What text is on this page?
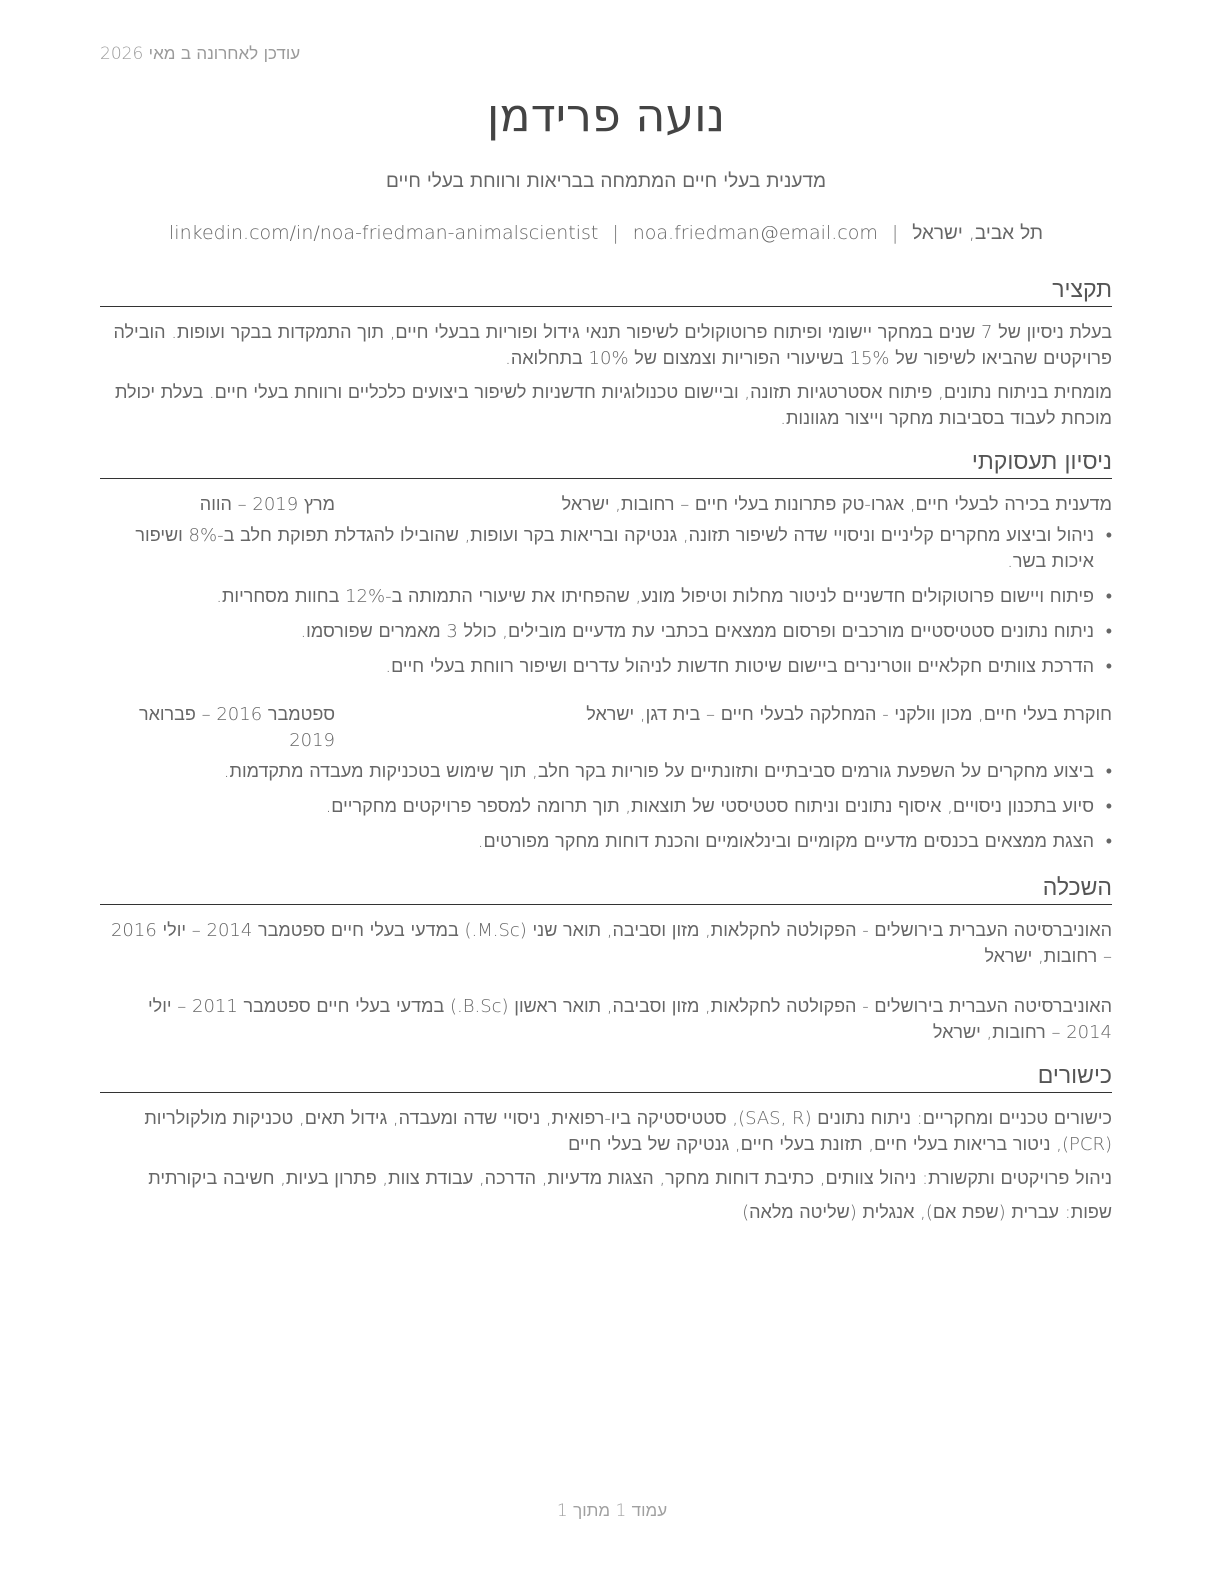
עודכן לאחרונה ב מאי 2026
נועה פרידמן
מדענית בעלי חיים המתמחה בבריאות ורווחת בעלי חיים
תל אביב, ישראל|noa.friedman@email.com|linkedin.com/in/noa-friedman-animalscientist
תקציר
בעלת ניסיון של 7 שנים במחקר יישומי ופיתוח פרוטוקולים לשיפור תנאי גידול ופוריות בבעלי חיים, תוך התמקדות בבקר ועופות. הובילה פרויקטים שהביאו לשיפור של 15% בשיעורי הפוריות וצמצום של 10% בתחלואה.
מומחית בניתוח נתונים, פיתוח אסטרטגיות תזונה, וביישום טכנולוגיות חדשניות לשיפור ביצועים כלכליים ורווחת בעלי חיים. בעלת יכולת מוכחת לעבוד בסביבות מחקר וייצור מגוונות.
ניסיון תעסוקתי
מדענית בכירה לבעלי חיים, אגרו-טק פתרונות בעלי חיים – רחובות, ישראל
מרץ 2019 – הווה
• ניהול וביצוע מחקרים קליניים וניסויי שדה לשיפור תזונה, גנטיקה ובריאות בקר ועופות, שהובילו להגדלת תפוקת חלב ב-8% ושיפור איכות בשר.
• פיתוח ויישום פרוטוקולים חדשניים לניטור מחלות וטיפול מונע, שהפחיתו את שיעורי התמותה ב-12% בחוות מסחריות.
• ניתוח נתונים סטטיסטיים מורכבים ופרסום ממצאים בכתבי עת מדעיים מובילים, כולל 3 מאמרים שפורסמו.
• הדרכת צוותים חקלאיים ווטרינרים ביישום שיטות חדשות לניהול עדרים ושיפור רווחת בעלי חיים.
חוקרת בעלי חיים, מכון וולקני - המחלקה לבעלי חיים – בית דגן, ישראל
ספטמבר 2016 – פברואר 2019
• ביצוע מחקרים על השפעת גורמים סביבתיים ותזונתיים על פוריות בקר חלב, תוך שימוש בטכניקות מעבדה מתקדמות.
• סיוע בתכנון ניסויים, איסוף נתונים וניתוח סטטיסטי של תוצאות, תוך תרומה למספר פרויקטים מחקריים.
• הצגת ממצאים בכנסים מדעיים מקומיים ובינלאומיים והכנת דוחות מחקר מפורטים.
השכלה
האוניברסיטה העברית בירושלים - הפקולטה לחקלאות, מזון וסביבה, תואר שני (M.Sc.) במדעי בעלי חיים ספטמבר 2014 – יולי 2016 – רחובות, ישראל
האוניברסיטה העברית בירושלים - הפקולטה לחקלאות, מזון וסביבה, תואר ראשון (B.Sc.) במדעי בעלי חיים ספטמבר 2011 – יולי 2014 – רחובות, ישראל
כישורים
כישורים טכניים ומחקריים: ניתוח נתונים (SAS, R), סטטיסטיקה ביו-רפואית, ניסויי שדה ומעבדה, גידול תאים, טכניקות מולקולריות (PCR), ניטור בריאות בעלי חיים, תזונת בעלי חיים, גנטיקה של בעלי חיים
ניהול פרויקטים ותקשורת: ניהול צוותים, כתיבת דוחות מחקר, הצגות מדעיות, הדרכה, עבודת צוות, פתרון בעיות, חשיבה ביקורתית
שפות: עברית (שפת אם), אנגלית (שליטה מלאה)
עמוד 1 מתוך 1
